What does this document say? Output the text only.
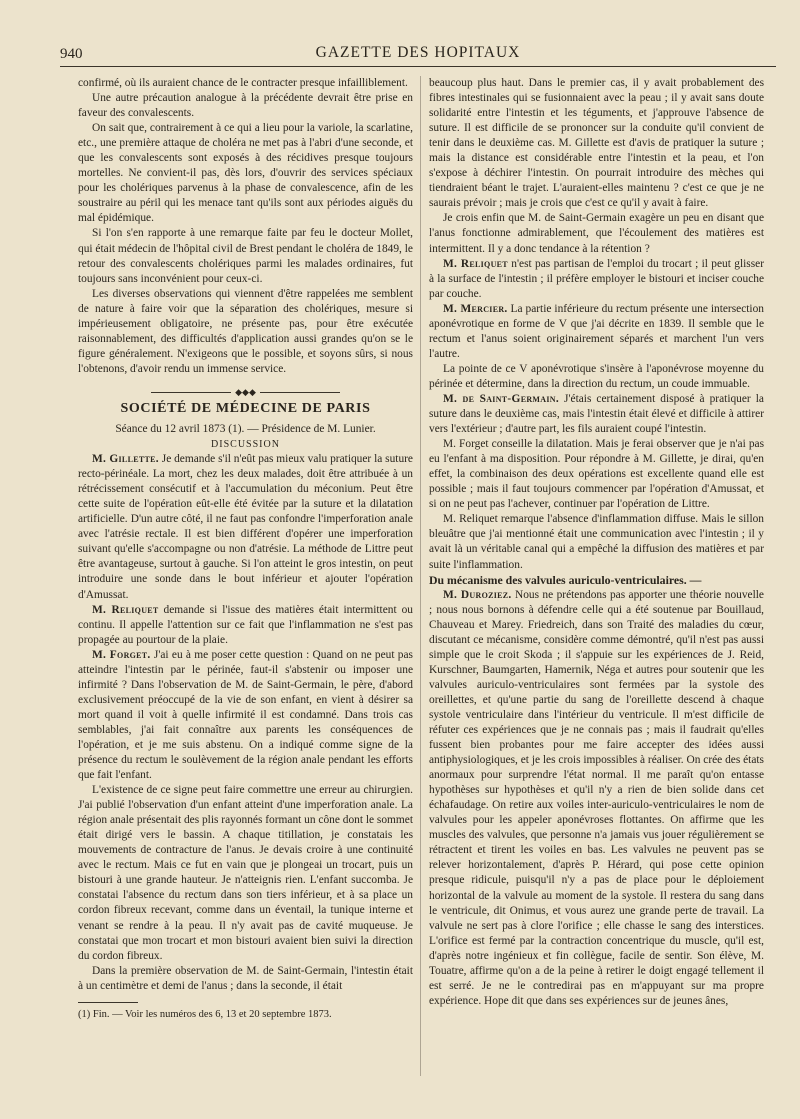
940	GAZETTE DES HOPITAUX

confirmé, où ils auraient chance de le contracter presque infailliblement.

Une autre précaution analogue à la précédente devrait être prise en faveur des convalescents.

On sait que, contrairement à ce qui a lieu pour la variole, la scarlatine, etc., une première attaque de choléra ne met pas à l'abri d'une seconde, et que les convalescents sont exposés à des récidives presque toujours mortelles. Ne convient-il pas, dès lors, d'ouvrir des services spéciaux pour les cholériques parvenus à la phase de convalescence, afin de les soustraire au péril qui les menace tant qu'ils sont aux périodes aiguës du mal épidémique.

Si l'on s'en rapporte à une remarque faite par feu le docteur Mollet, qui était médecin de l'hôpital civil de Brest pendant le choléra de 1849, le retour des convalescents cholériques parmi les malades ordinaires, fut toujours sans inconvénient pour ceux-ci.

Les diverses observations qui viennent d'être rappelées me semblent de nature à faire voir que la séparation des cholériques, mesure si impérieusement obligatoire, ne présente pas, pour être exécutée raisonnablement, des difficultés d'application aussi grandes qu'on se le figure généralement. N'exigeons que le possible, et soyons sûrs, si nous l'obtenons, d'avoir rendu un immense service.

◆◆◆
SOCIÉTÉ DE MÉDECINE DE PARIS

Séance du 12 avril 1873 (1). — Présidence de M. Lunier.

DISCUSSION

M. Gillette. Je demande s'il n'eût pas mieux valu pratiquer la suture recto-périnéale. La mort, chez les deux malades, doit être attribuée à un rétrécissement consécutif et à l'accumulation du méconium. Peut être cette suite de l'opération eût-elle été évitée par la suture et la dilatation artificielle. D'un autre côté, il ne faut pas confondre l'imperforation anale avec l'atrésie rectale. Il est bien différent d'opérer une imperforation suivant qu'elle s'accompagne ou non d'atrésie. La méthode de Littre peut être avantageuse, surtout à gauche. Si l'on atteint le gros intestin, on peut introduire une sonde dans le bout inférieur et ajouter l'opération d'Amussat.

M. Reliquet demande si l'issue des matières était intermittent ou continu. Il appelle l'attention sur ce fait que l'inflammation ne s'est pas propagée au pourtour de la plaie.

M. Forget. J'ai eu à me poser cette question : Quand on ne peut pas atteindre l'intestin par le périnée, faut-il s'abstenir ou imposer une infirmité ? Dans l'observation de M. de Saint-Germain, le père, d'abord exclusivement préoccupé de la vie de son enfant, en vient à désirer sa mort quand il voit à quelle infirmité il est condamné. Dans trois cas semblables, j'ai fait connaître aux parents les conséquences de l'opération, et je me suis abstenu. On a indiqué comme signe de la présence du rectum le soulèvement de la région anale pendant les efforts que fait l'enfant.

L'existence de ce signe peut faire commettre une erreur au chirurgien. J'ai publié l'observation d'un enfant atteint d'une imperforation anale. La région anale présentait des plis rayonnés formant un cône dont le sommet était dirigé vers le bassin. A chaque titillation, je constatais les mouvements de contracture de l'anus. Je devais croire à une continuité avec le rectum. Mais ce fut en vain que je plongeai un trocart, puis un bistouri à une grande hauteur. Je n'atteignis rien. L'enfant succomba. Je constatai l'absence du rectum dans son tiers inférieur, et à sa place un cordon fibreux recevant, comme dans un éventail, la tunique interne et venant se rendre à la peau. Il n'y avait pas de cavité muqueuse. Je constatai que mon trocart et mon bistouri avaient bien suivi la direction du cordon fibreux.

Dans la première observation de M. de Saint-Germain, l'intestin était à un centimètre et demi de l'anus ; dans la seconde, il était

(1) Fin. — Voir les numéros des 6, 13 et 20 septembre 1873.

beaucoup plus haut. Dans le premier cas, il y avait probablement des fibres intestinales qui se fusionnaient avec la peau ; il y avait sans doute solidarité entre l'intestin et les téguments, et j'approuve l'absence de suture. Il est difficile de se prononcer sur la conduite qu'il convient de tenir dans le deuxième cas. M. Gillette est d'avis de pratiquer la suture ; mais la distance est considérable entre l'intestin et la peau, et l'on s'expose à déchirer l'intestin. On pourrait introduire des mèches qui tiendraient béant le trajet. L'auraient-elles maintenu ? c'est ce que je ne saurais prévoir ; mais je crois que c'est ce qu'il y avait à faire.

Je crois enfin que M. de Saint-Germain exagère un peu en disant que l'anus fonctionne admirablement, que l'écoulement des matières est intermittent. Il y a donc tendance à la rétention ?

M. Reliquet n'est pas partisan de l'emploi du trocart ; il peut glisser à la surface de l'intestin ; il préfère employer le bistouri et inciser couche par couche.

M. Mercier. La partie inférieure du rectum présente une intersection aponévrotique en forme de V que j'ai décrite en 1839. Il semble que le rectum et l'anus soient originairement séparés et marchent l'un vers l'autre.

La pointe de ce V aponévrotique s'insère à l'aponévrose moyenne du périnée et détermine, dans la direction du rectum, un coude immuable.

M. de Saint-Germain. J'étais certainement disposé à pratiquer la suture dans le deuxième cas, mais l'intestin était élevé et difficile à attirer vers l'extérieur ; d'autre part, les fils auraient coupé l'intestin.

M. Forget conseille la dilatation. Mais je ferai observer que je n'ai pas eu l'enfant à ma disposition. Pour répondre à M. Gillette, je dirai, qu'en effet, la combinaison des deux opérations est excellente quand elle est possible ; mais il faut toujours commencer par l'opération d'Amussat, et si on ne peut pas l'achever, continuer par l'opération de Littre.

M. Reliquet remarque l'absence d'inflammation diffuse. Mais le sillon bleuâtre que j'ai mentionné était une communication avec l'intestin ; il y avait là un véritable canal qui a empêché la diffusion des matières et par suite l'inflammation.

Du mécanisme des valvules auriculo-ventriculaires. —

M. Duroziez. Nous ne prétendons pas apporter une théorie nouvelle ; nous nous bornons à défendre celle qui a été soutenue par Bouillaud, Chauveau et Marey. Friedreich, dans son Traité des maladies du cœur, discutant ce mécanisme, considère comme démontré, qu'il n'est pas aussi simple que le croit Skoda ; il s'appuie sur les expériences de J. Reid, Kurschner, Baumgarten, Hamernik, Néga et autres pour soutenir que les valvules auriculo-ventriculaires sont fermées par la systole des oreillettes, et qu'une partie du sang de l'oreillette descend à chaque systole ventriculaire dans l'intérieur du ventricule. Il m'est difficile de réfuter ces expériences que je ne connais pas ; mais il faudrait qu'elles fussent bien probantes pour me faire accepter des idées aussi antiphysiologiques, et je les crois impossibles à réaliser. On crée des états anormaux pour surprendre l'état normal. Il me paraît qu'on entasse hypothèses sur hypothèses et qu'il n'y a rien de bien solide dans cet échafaudage. On retire aux voiles inter-auriculo-ventriculaires le nom de valvules pour les appeler aponévroses flottantes. On affirme que les muscles des valvules, que personne n'a jamais vus jouer régulièrement se rétractent et tirent les voiles en bas. Les valvules ne peuvent pas se relever horizontalement, d'après P. Hérard, qui pose cette opinion presque ridicule, puisqu'il n'y a pas de place pour le déploiement horizontal de la valvule au moment de la systole. Il restera du sang dans le ventricule, dit Onimus, et vous aurez une grande perte de travail. La valvule ne sert pas à clore l'orifice ; elle chasse le sang des interstices. L'orifice est fermé par la contraction concentrique du muscle, qu'il est, d'après notre ingénieux et fin collègue, facile de sentir. Son élève, M. Touatre, affirme qu'on a de la peine à retirer le doigt engagé tellement il est serré. Je ne le contredirai pas en m'appuyant sur ma propre expérience. Hope dit que dans ses expériences sur de jeunes ânes,
